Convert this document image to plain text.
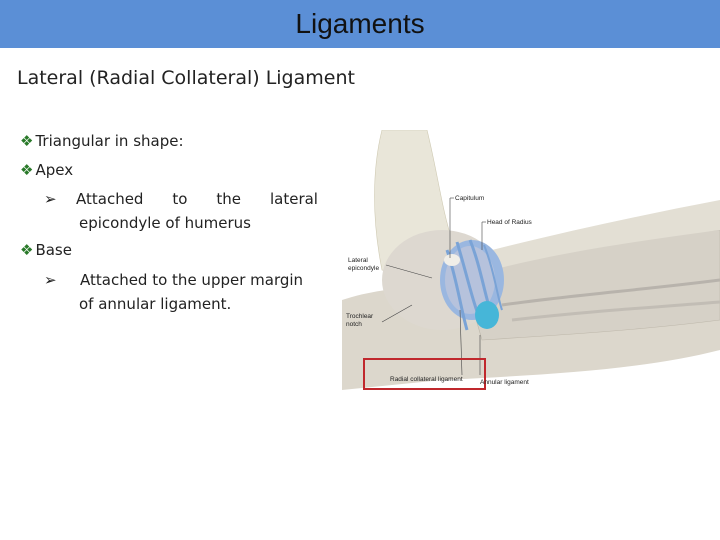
Ligaments
Lateral (Radial Collateral) Ligament
❖ Triangular in shape:
❖ Apex
➢	Attached to the lateral
epicondyle of humerus
❖ Base
➢ Attached to the upper margin
of annular ligament.
Capitulum
Head of Radius
Lateral
epicondyle
Trochlear
notch
Radial collateral ligament	Annular ligament
